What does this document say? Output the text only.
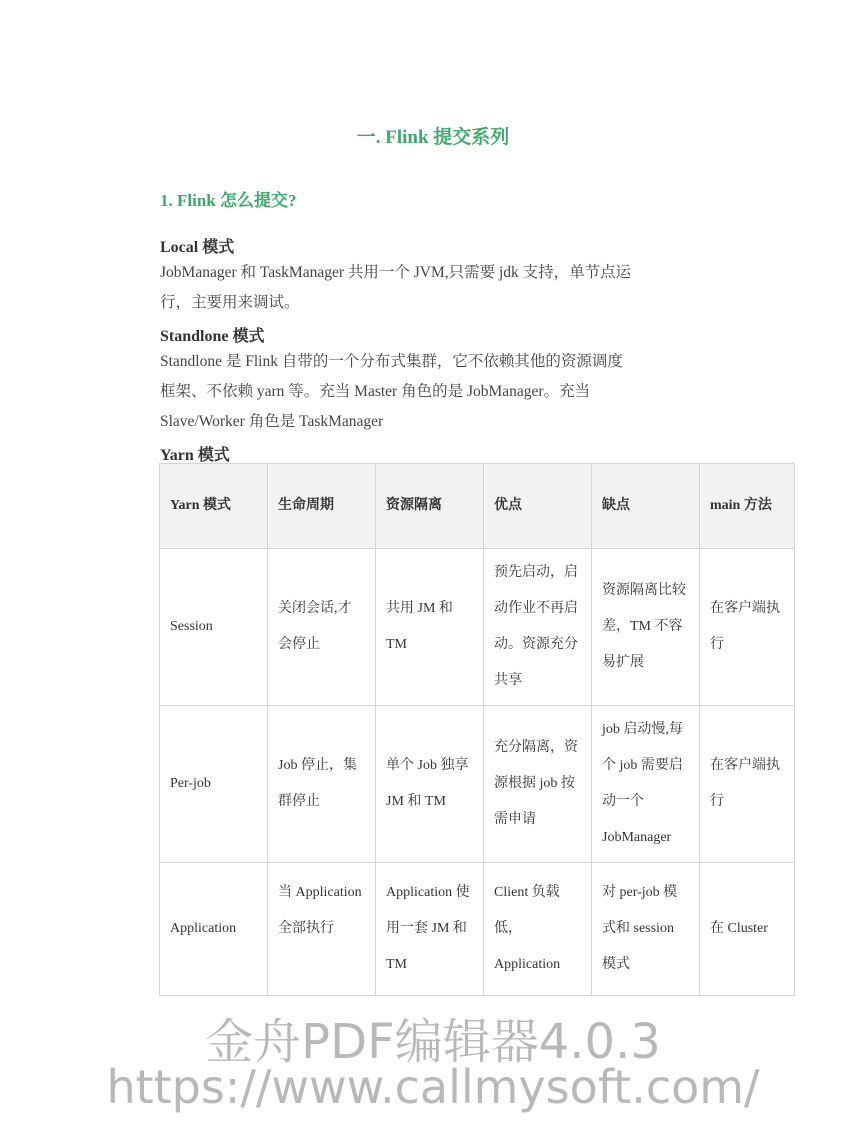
一. Flink 提交系列
1. Flink 怎么提交?
Local 模式
JobManager 和 TaskManager 共用一个 JVM,只需要 jdk 支持，单节点运
行，主要用来调试。
Standlone 模式
Standlone 是 Flink 自带的一个分布式集群，它不依赖其他的资源调度
框架、不依赖 yarn 等。充当 Master 角色的是 JobManager。充当
Slave/Worker 角色是 TaskManager
Yarn 模式
Yarn 模式	生命周期	资源隔离	优点	缺点	main 方法
Session	关闭会话,才会停止	共用 JM 和 TM	预先启动，启动作业不再启动。资源充分共享	资源隔离比较差，TM 不容易扩展	在客户端执行
Per-job	Job 停止，集群停止	单个 Job 独享 JM 和 TM	充分隔离，资源根据 job 按需申请	job 启动慢,每个 job 需要启动一个 JobManager	在客户端执行
Application	当 Application 全部执行	Application 使用一套 JM 和 TM	Client 负载低，Application	对 per-job 模式和 session 模式	在 Cluster
金舟PDF编辑器4.0.3
https://www.callmysoft.com/
